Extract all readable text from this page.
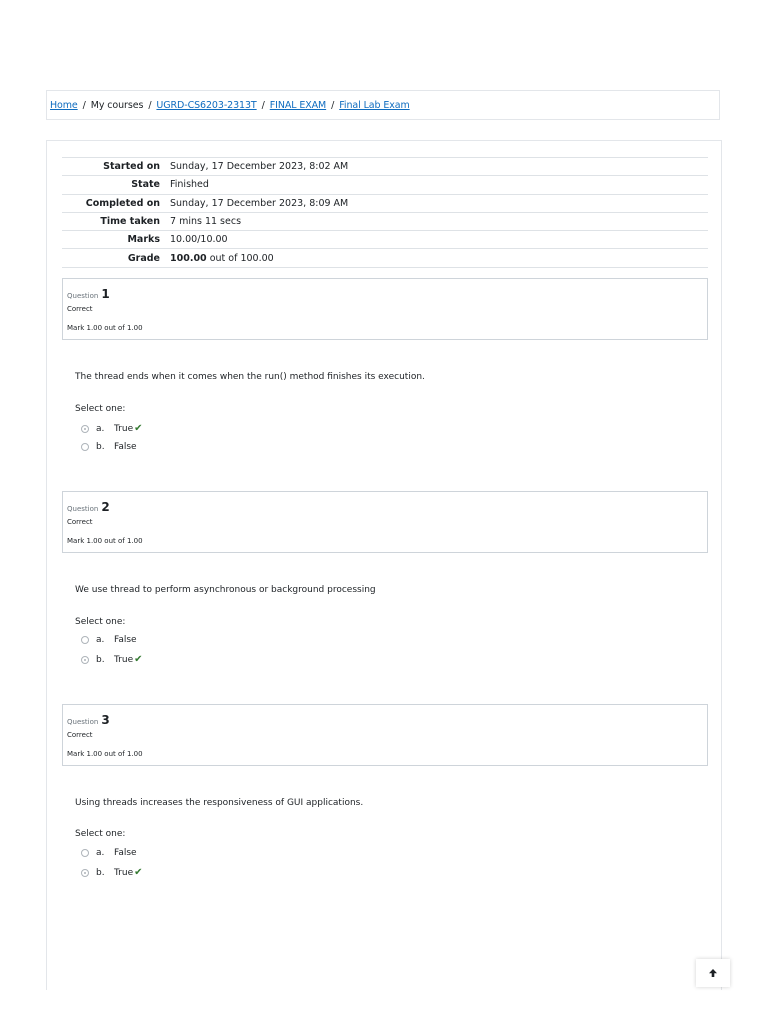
Home / My courses / UGRD-CS6203-2313T / FINAL EXAM / Final Lab Exam
Started on	Sunday, 17 December 2023, 8:02 AM
State	Finished
Completed on	Sunday, 17 December 2023, 8:09 AM
Time taken	7 mins 11 secs
Marks	10.00/10.00
Grade	100.00 out of 100.00
Question 1
Correct
Mark 1.00 out of 1.00
The thread ends when it comes when the run() method finishes its execution.
Select one:
a.	True ✔
b.	False
Question 2
Correct
Mark 1.00 out of 1.00
We use thread to perform asynchronous or background processing
Select one:
a.	False
b.	True ✔
Question 3
Correct
Mark 1.00 out of 1.00
Using threads increases the responsiveness of GUI applications.
Select one:
a.	False
b.	True ✔
